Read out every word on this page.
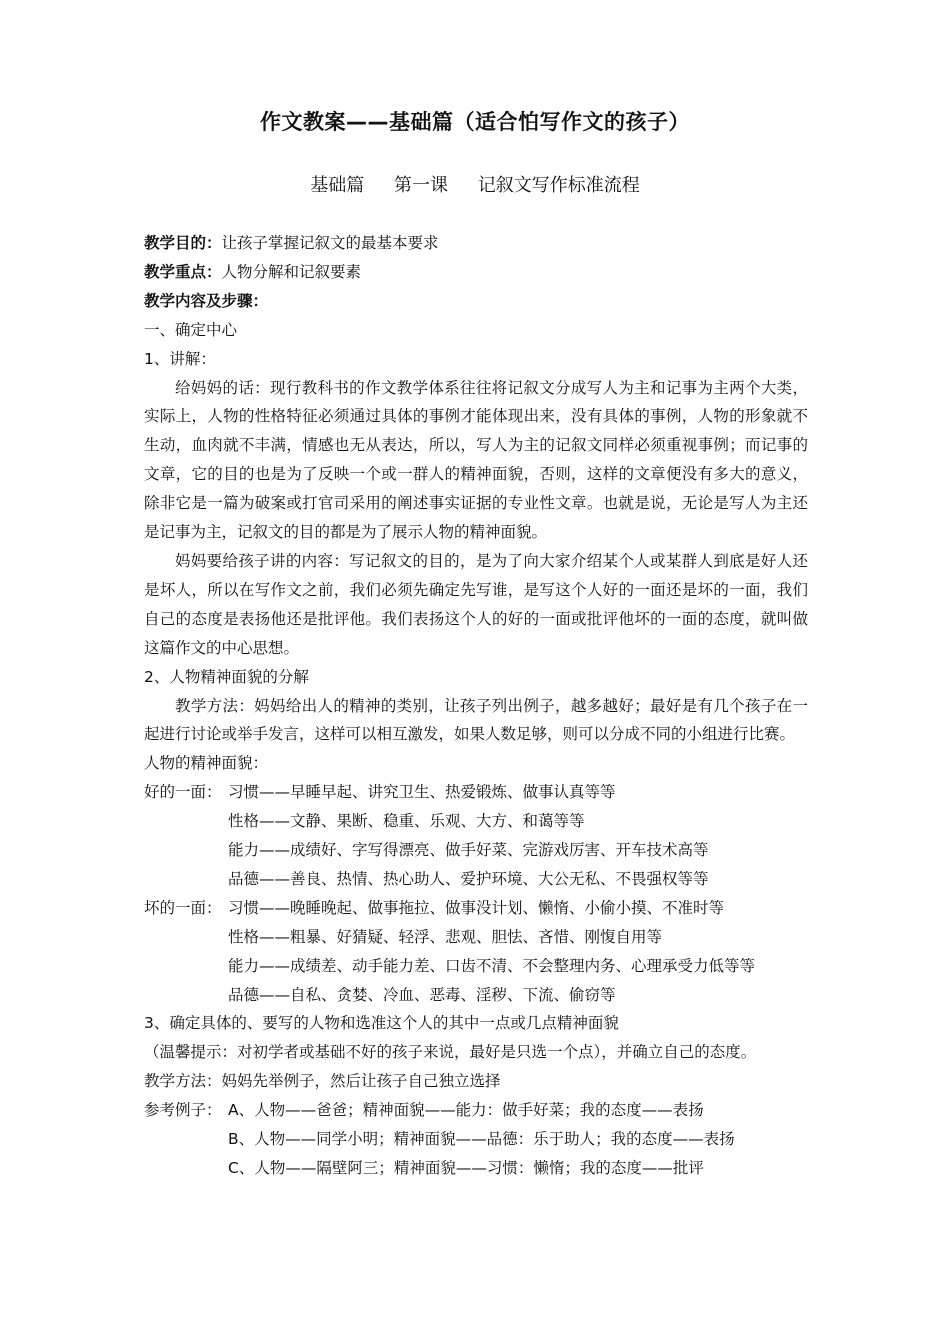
作文教案——基础篇（适合怕写作文的孩子）
基础篇 第一课 记叙文写作标准流程

教学目的：让孩子掌握记叙文的最基本要求

教学重点：人物分解和记叙要素

教学内容及步骤：

一、确定中心

1、讲解：

给妈妈的话：现行教科书的作文教学体系往往将记叙文分成写人为主和记事为主两个大类，实际上，人物的性格特征必须通过具体的事例才能体现出来，没有具体的事例，人物的形象就不生动，血肉就不丰满，情感也无从表达，所以，写人为主的记叙文同样必须重视事例；而记事的文章，它的目的也是为了反映一个或一群人的精神面貌，否则，这样的文章便没有多大的意义，除非它是一篇为破案或打官司采用的阐述事实证据的专业性文章。也就是说，无论是写人为主还是记事为主，记叙文的目的都是为了展示人物的精神面貌。

妈妈要给孩子讲的内容：写记叙文的目的，是为了向大家介绍某个人或某群人到底是好人还是坏人，所以在写作文之前，我们必须先确定先写谁，是写这个人好的一面还是坏的一面，我们自己的态度是表扬他还是批评他。我们表扬这个人的好的一面或批评他坏的一面的态度，就叫做这篇作文的中心思想。

2、人物精神面貌的分解

教学方法：妈妈给出人的精神的类别，让孩子列出例子，越多越好；最好是有几个孩子在一起进行讨论或举手发言，这样可以相互激发，如果人数足够，则可以分成不同的小组进行比赛。

人物的精神面貌：

好的一面： 习惯——早睡早起、讲究卫生、热爱锻炼、做事认真等等
性格——文静、果断、稳重、乐观、大方、和蔼等等
能力——成绩好、字写得漂亮、做手好菜、完游戏厉害、开车技术高等
品德——善良、热情、热心助人、爱护环境、大公无私、不畏强权等等
坏的一面： 习惯——晚睡晚起、做事拖拉、做事没计划、懒惰、小偷小摸、不准时等
性格——粗暴、好猜疑、轻浮、悲观、胆怯、吝惜、刚愎自用等
能力——成绩差、动手能力差、口齿不清、不会整理内务、心理承受力低等等
品德——自私、贪婪、冷血、恶毒、淫秽、下流、偷窃等

3、确定具体的、要写的人物和选准这个人的其中一点或几点精神面貌

（温馨提示：对初学者或基础不好的孩子来说，最好是只选一个点），并确立自己的态度。

教学方法：妈妈先举例子，然后让孩子自己独立选择

参考例子： A、人物——爸爸；精神面貌——能力：做手好菜；我的态度——表扬
B、人物——同学小明；精神面貌——品德：乐于助人；我的态度——表扬
C、人物——隔壁阿三；精神面貌——习惯：懒惰；我的态度——批评
